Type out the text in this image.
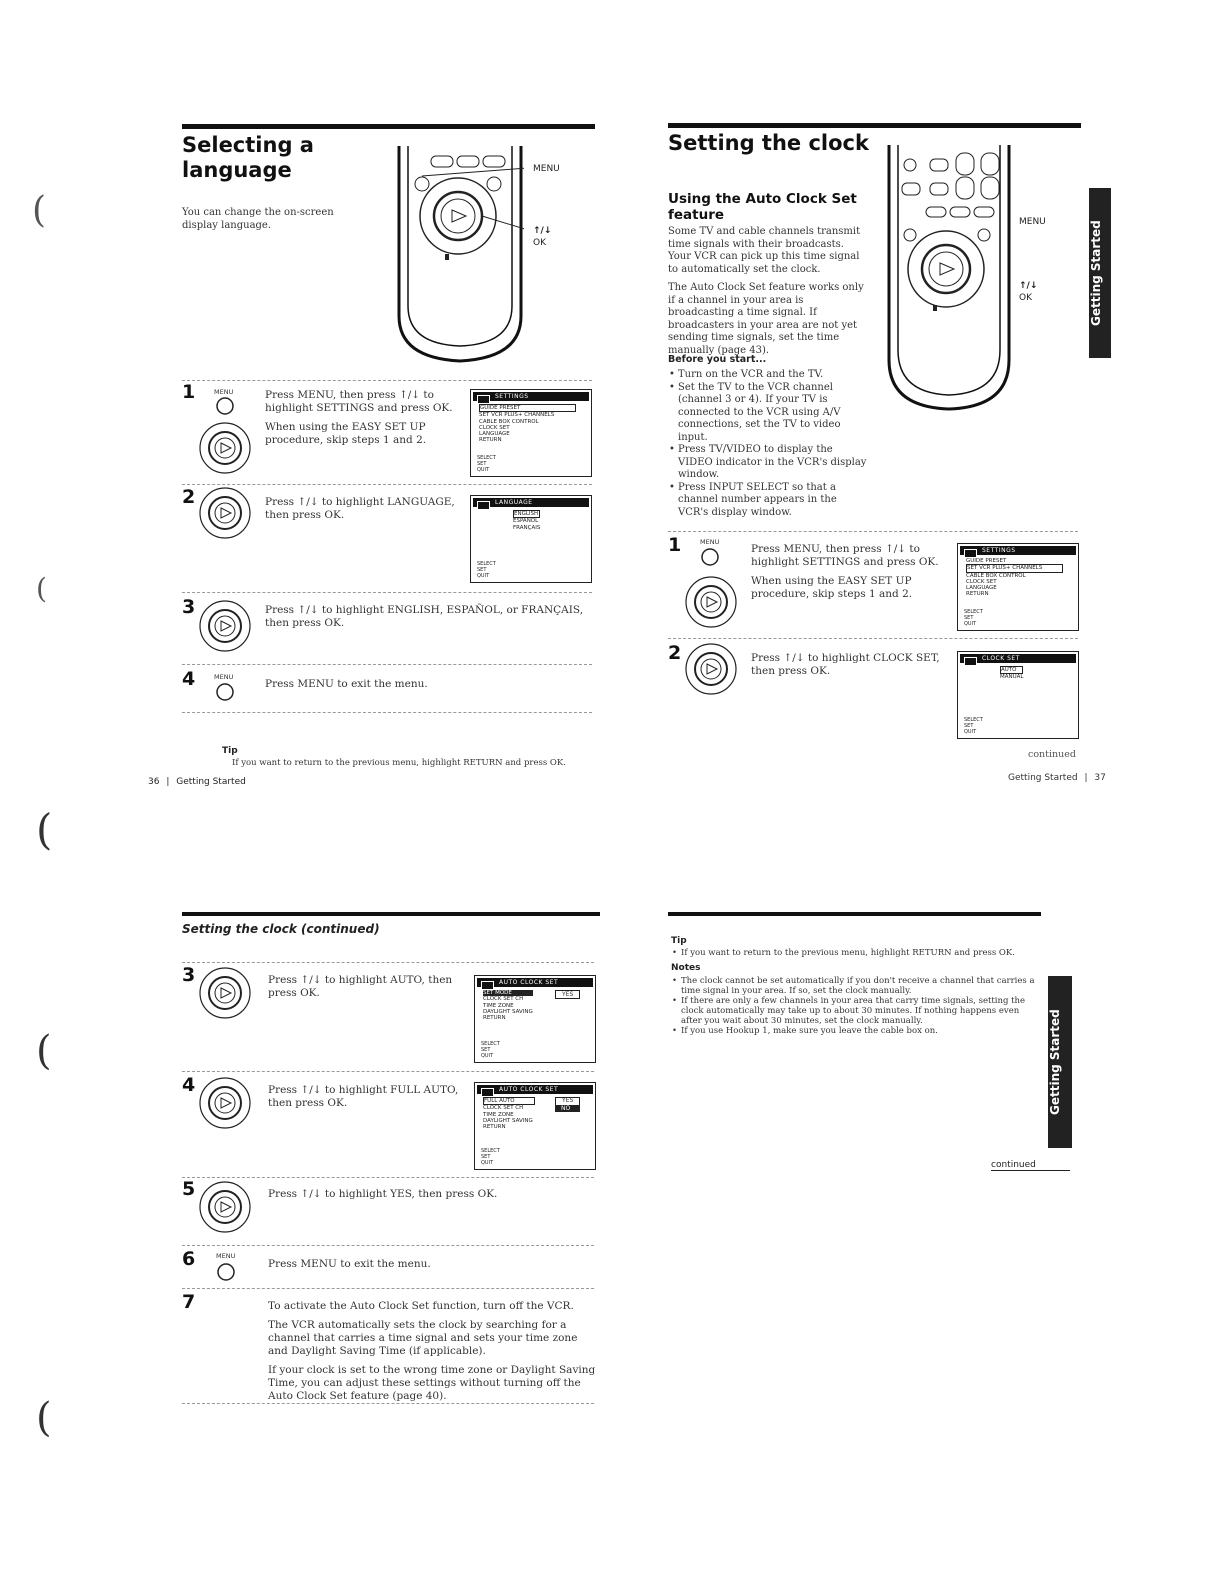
Selecting a
language
You can change the on-screen display language.
MENU
↑/↓
OK
1	MENU	Press MENU, then press ↑/↓ to highlight SETTINGS and press OK.

When using the EASY SET UP procedure, skip steps 1 and 2.

SETTINGS
GUIDE PRESET
SET VCR PLUS+ CHANNELS
CABLE BOX CONTROL
CLOCK SET
LANGUAGE
RETURN
SELECT
SET
QUIT
2	Press ↑/↓ to highlight LANGUAGE, then press OK.
LANGUAGE
ENGLISH
ESPAÑOL
FRANÇAIS
SELECT
SET
QUIT
3	Press ↑/↓ to highlight ENGLISH, ESPAÑOL, or FRANÇAIS, then press OK.
4	MENU
Press MENU to exit the menu.
Tip
If you want to return to the previous menu, highlight RETURN and press OK.
36 | Getting Started
Setting the clock
Using the Auto Clock Set
feature
Some TV and cable channels transmit time signals with their broadcasts. Your VCR can pick up this time signal to automatically set the clock.
The Auto Clock Set feature works only if a channel in your area is broadcasting a time signal. If broadcasters in your area are not yet sending time signals, set the time manually (page 43).
Before you start...
• Turn on the VCR and the TV.
• Set the TV to the VCR channel (channel 3 or 4). If your TV is connected to the VCR using A/V connections, set the TV to video input.
• Press TV/VIDEO to display the VIDEO indicator in the VCR's display window.
• Press INPUT SELECT so that a channel number appears in the VCR's display window.
MENU
↑/↓
OK	Getting Started
1	MENU

Press MENU, then press ↑/↓ to highlight SETTINGS and press OK.

When using the EASY SET UP procedure, skip steps 1 and 2.

SETTINGS
GUIDE PRESET
SET VCR PLUS+ CHANNELS
CABLE BOX CONTROL
CLOCK SET
LANGUAGE
RETURN
SELECT
SET
QUIT
2	Press ↑/↓ to highlight CLOCK SET, then press OK.
CLOCK SET
AUTO
MANUAL
SELECT
SET
QUIT
continued
Getting Started | 37
Setting the clock (continued)
3	Press ↑/↓ to highlight AUTO, then press OK.
AUTO CLOCK SET
SET MODE
CLOCK SET CH
TIME ZONE
DAYLIGHT SAVING
RETURN
YES
SELECT
SET
QUIT
4	Press ↑/↓ to highlight FULL AUTO, then press OK.
AUTO CLOCK SET
FULL AUTO
CLOCK SET CH
TIME ZONE
DAYLIGHT SAVING
RETURN
YES
NO
SELECT
SET
QUIT
5	Press ↑/↓ to highlight YES, then press OK.
6	MENU
Press MENU to exit the menu.
7	To activate the Auto Clock Set function, turn off the VCR.

The VCR automatically sets the clock by searching for a channel that carries a time signal and sets your time zone and Daylight Saving Time (if applicable).

If your clock is set to the wrong time zone or Daylight Saving Time, you can adjust these settings without turning off the Auto Clock Set feature (page 40).

Tip
• If you want to return to the previous menu, highlight RETURN and press OK.
Notes
• The clock cannot be set automatically if you don't receive a channel that carries a time signal in your area. If so, set the clock manually.
• If there are only a few channels in your area that carry time signals, setting the clock automatically may take up to about 30 minutes. If nothing happens even after you wait about 30 minutes, set the clock manually.
• If you use Hookup 1, make sure you leave the cable box on.	Getting Started
continued
(
(
(
(
(
